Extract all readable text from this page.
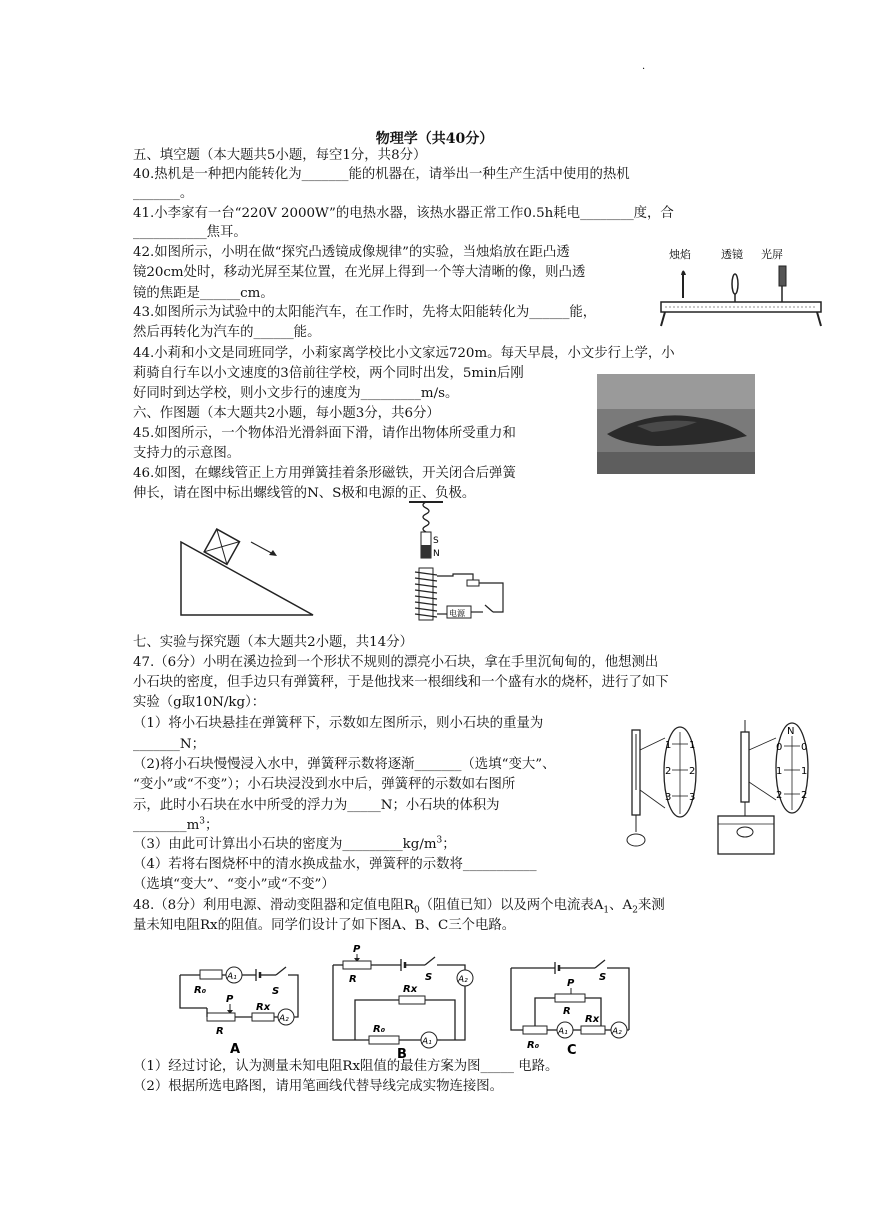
·
物理学（共40分）
五、填空题（本大题共5小题，每空1分，共8分）
40.热机是一种把内能转化为_______能的机器在，请举出一种生产生活中使用的热机
_______。
41.小李家有一台“220V 2000W”的电热水器，该热水器正常工作0.5h耗电________度，合
___________焦耳。
42.如图所示，小明在做“探究凸透镜成像规律”的实验，当烛焰放在距凸透
镜20cm处时，移动光屏至某位置，在光屏上得到一个等大清晰的像，则凸透
镜的焦距是______cm。
43.如图所示为试验中的太阳能汽车，在工作时，先将太阳能转化为______能，
然后再转化为汽车的______能。
44.小莉和小文是同班同学，小莉家离学校比小文家远720m。每天早晨，小文步行上学，小
莉骑自行车以小文速度的3倍前往学校，两个同时出发，5min后刚
好同时到达学校，则小文步行的速度为_________m/s。
六、作图题（本大题共2小题，每小题3分，共6分）
45.如图所示，一个物体沿光滑斜面下滑，请作出物体所受重力和
支持力的示意图。
46.如图，在螺线管正上方用弹簧挂着条形磁铁，开关闭合后弹簧
伸长，请在图中标出螺线管的N、S极和电源的正、负极。
七、实验与探究题（本大题共2小题，共14分）
47.（6分）小明在溪边捡到一个形状不规则的漂亮小石块，拿在手里沉甸甸的，他想测出
小石块的密度，但手边只有弹簧秤，于是他找来一根细线和一个盛有水的烧杯，进行了如下
实验（g取10N/kg）：
（1）将小石块悬挂在弹簧秤下，示数如左图所示，则小石块的重量为
_______N；
（2)将小石块慢慢浸入水中，弹簧秤示数将逐渐_______（选填“变大”、
“变小”或“不变”）；小石块浸没到水中后，弹簧秤的示数如右图所
示，此时小石块在水中所受的浮力为_____N；小石块的体积为
$\_\_\_\_\_\_\_\_m^3$；
（3）由此可计算出小石块的密度为$\_\_\_\_\_\_\_\_\_kg/m^3$；
（4）若将右图烧杯中的清水换成盐水，弹簧秤的示数将___________
（选填“变大”、“变小”或“不变”）
48.（8分）利用电源、滑动变阻器和定值电阻$R_0$（阻值已知）以及两个电流表$A_1$、$A_2$来测
量未知电阻Rx的阻值。同学们设计了如下图A、B、C三个电路。
（1）经过讨论，认为测量未知电阻Rx阻值的最佳方案为图_____ 电路。
（2）根据所选电路图，请用笔画线代替导线完成实物连接图。
烛焰	透镜 光屏
S
N
电源
1
2
3
1
2
3
N
0
1
2
0
1
2
A₁
R₀	S
P
Rx
A₂
R
A
P
R	S	A₂
Rx
R₀
A₁
B
S
P
R
R₀
A₁
Rx
A₂
C
